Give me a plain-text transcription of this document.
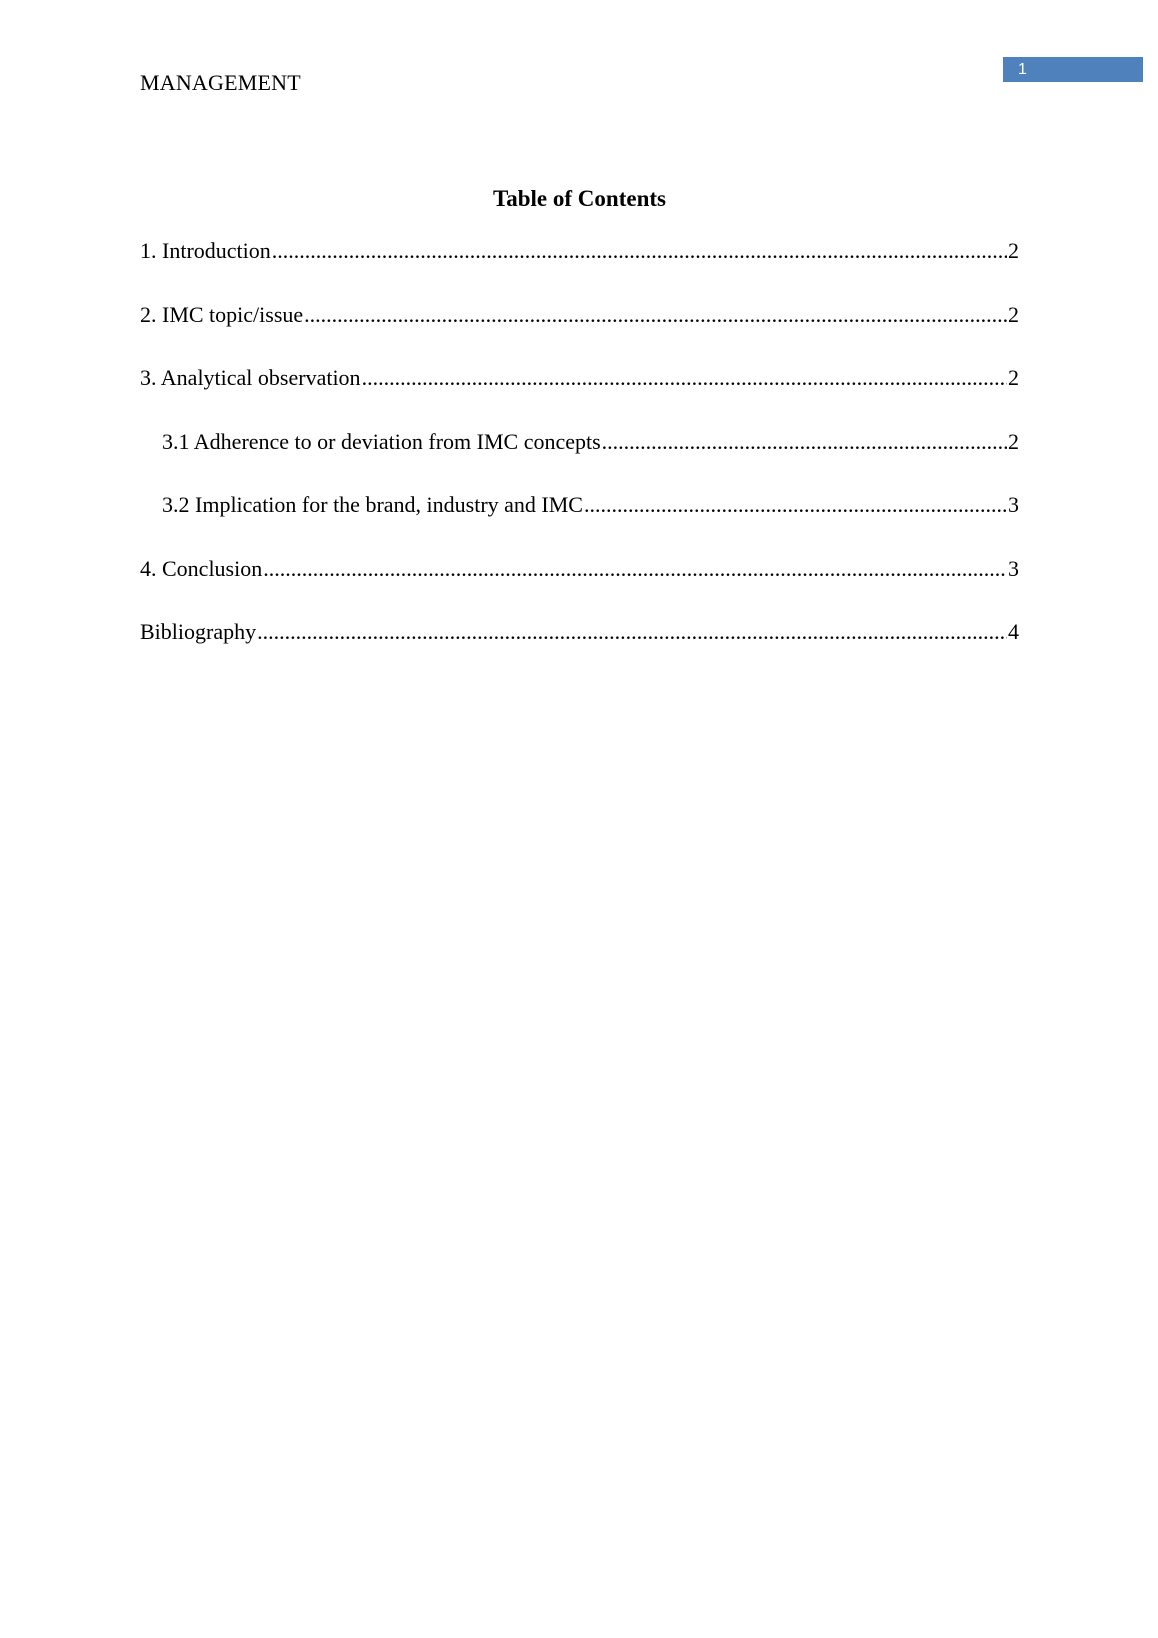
MANAGEMENT
1
Table of Contents
1. Introduction .....	2
2. IMC topic/issue .....	2
3. Analytical observation .....	2
3.1 Adherence to or deviation from IMC concepts .....	2
3.2 Implication for the brand, industry and IMC .....	3
4. Conclusion .....	3
Bibliography .....	4
